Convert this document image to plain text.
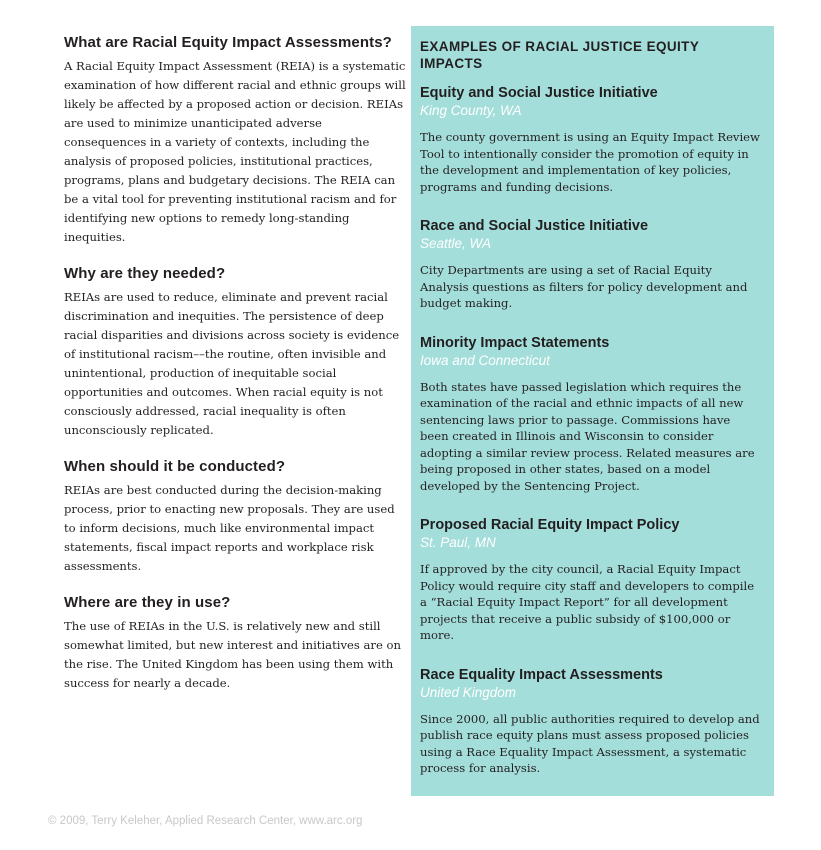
What are Racial Equity Impact Assessments?

A Racial Equity Impact Assessment (REIA) is a systematic examination of how different racial and ethnic groups will likely be affected by a proposed action or decision. REIAs are used to minimize unanticipated adverse consequences in a variety of contexts, including the analysis of proposed policies, institutional practices, programs, plans and budgetary decisions. The REIA can be a vital tool for preventing institutional racism and for identifying new options to remedy long-standing inequities.

Why are they needed?

REIAs are used to reduce, eliminate and prevent racial discrimination and inequities. The persistence of deep racial disparities and divisions across society is evidence of institutional racism––the routine, often invisible and unintentional, production of inequitable social opportunities and outcomes. When racial equity is not consciously addressed, racial inequality is often unconsciously replicated.

When should it be conducted?

REIAs are best conducted during the decision-making process, prior to enacting new proposals. They are used to inform decisions, much like environmental impact statements, fiscal impact reports and workplace risk assessments.

Where are they in use?

The use of REIAs in the U.S. is relatively new and still somewhat limited, but new interest and initiatives are on the rise. The United Kingdom has been using them with success for nearly a decade.

EXAMPLES OF RACIAL JUSTICE EQUITY IMPACTS
Equity and Social Justice Initiative
King County, WA

The county government is using an Equity Impact Review Tool to intentionally consider the promotion of equity in the development and implementation of key policies, programs and funding decisions.

Race and Social Justice Initiative
Seattle, WA

City Departments are using a set of Racial Equity Analysis questions as filters for policy development and budget making.

Minority Impact Statements
Iowa and Connecticut

Both states have passed legislation which requires the examination of the racial and ethnic impacts of all new sentencing laws prior to passage. Commissions have been created in Illinois and Wisconsin to consider adopting a similar review process. Related measures are being proposed in other states, based on a model developed by the Sentencing Project.

Proposed Racial Equity Impact Policy
St. Paul, MN

If approved by the city council, a Racial Equity Impact Policy would require city staff and developers to compile a “Racial Equity Impact Report” for all development projects that receive a public subsidy of $100,000 or more.

Race Equality Impact Assessments
United Kingdom

Since 2000, all public authorities required to develop and publish race equity plans must assess proposed policies using a Race Equality Impact Assessment, a systematic process for analysis.

© 2009, Terry Keleher, Applied Research Center, www.arc.org
